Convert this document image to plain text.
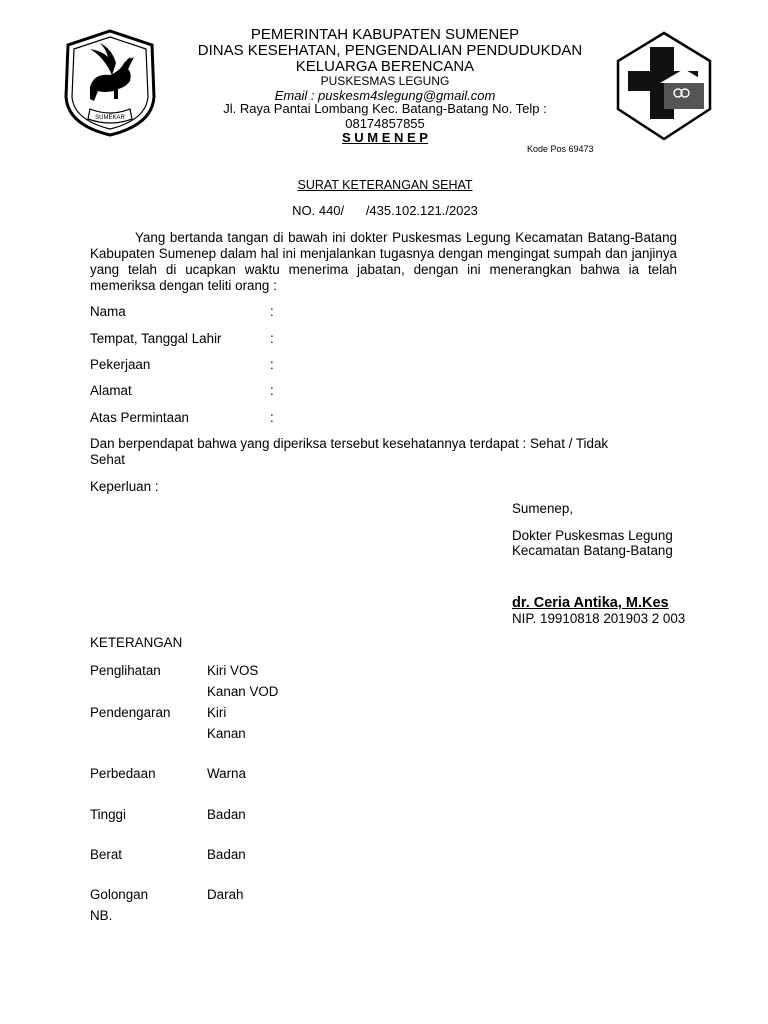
SUMEKAR
PEMERINTAH KABUPATEN SUMENEP
DINAS KESEHATAN, PENGENDALIAN PENDUDUKDAN
KELUARGA BERENCANA
PUSKESMAS LEGUNG
Email : puskesm4slegung@gmail.com
Jl. Raya Pantai Lombang Kec. Batang-Batang No. Telp :
08174857855
S U M E N E P
Kode Pos 69473
SURAT KETERANGAN SEHAT
NO. 440/      /435.102.121./2023
Yang bertanda tangan di bawah ini dokter Puskesmas Legung Kecamatan Batang-Batang Kabupaten Sumenep dalam hal ini menjalankan tugasnya dengan mengingat sumpah dan janjinya yang telah di ucapkan waktu menerima jabatan, dengan ini menerangkan bahwa ia telah memeriksa dengan teliti orang :
Nama	:
Tempat, Tanggal Lahir	:
Pekerjaan	:
Alamat	:
Atas Permintaan	:
Dan berpendapat bahwa yang diperiksa tersebut kesehatannya terdapat : Sehat / Tidak
Sehat
Keperluan :
Sumenep,
Dokter Puskesmas Legung
Kecamatan Batang-Batang
dr. Ceria Antika, M.Kes
NIP. 19910818 201903 2 003
KETERANGAN
Penglihatan	Kiri VOS
Kanan VOD
Pendengaran	Kiri
Kanan
Perbedaan	Warna
Tinggi	Badan
Berat	Badan
Golongan	Darah
NB.
